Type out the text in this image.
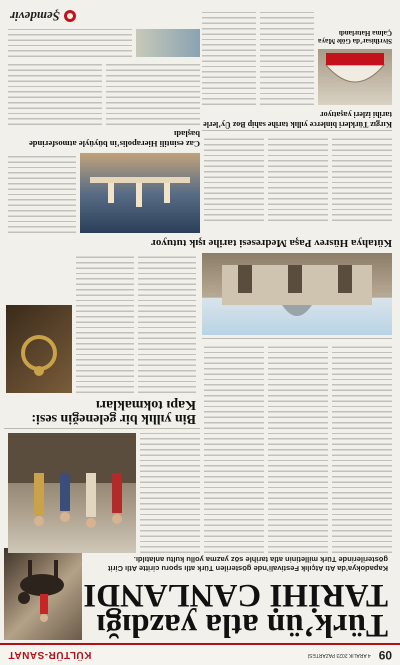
09
4 ARALIK 2023 PAZARTESİ
KÜLTÜR-SANAT
Türk’ün atla yazdığı
TARİHİ CANLANDI
Kapadokya’da Atı Atçılık Festivali’nde gösterilen Türk atlı sporu ciritte Atlı Cirit gösterilerinde Türk milletinin atla tarihle söz yazma yollu kultu anlatıldı.
Bin yıllık bir geleneğin sesi: Kapı tokmakları
Kütahya Hüsrev Paşa Medresesi tarihe ışık tutuyor
Caz esintili Hierapolis’in büyüyle atmosferinde başladı
Kırgız Türkleri binlerce yıllık tarihe sahip Boz Üy’lerle tarihi izleri yaşatıyor
Sivrihisar’da Göle Maya Çalma Hatırlandı
Şemdevir
